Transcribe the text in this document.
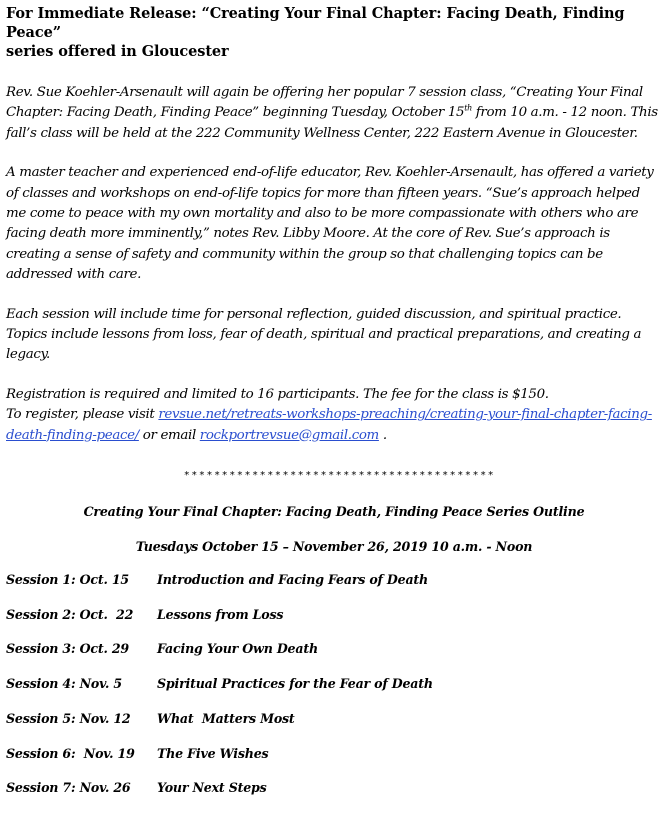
For Immediate Release: “Creating Your Final Chapter: Facing Death, Finding Peace”
series offered in Gloucester

Rev. Sue Koehler-Arsenault will again be offering her popular 7 session class, “Creating Your Final Chapter: Facing Death, Finding Peace” beginning Tuesday, October 15th from 10 a.m. - 12 noon. This fall’s class will be held at the 222 Community Wellness Center, 222 Eastern Avenue in Gloucester.

A master teacher and experienced end-of-life educator, Rev. Koehler-Arsenault, has offered a variety of classes and workshops on end-of-life topics for more than fifteen years. “Sue’s approach helped me come to peace with my own mortality and also to be more compassionate with others who are facing death more imminently,” notes Rev. Libby Moore. At the core of Rev. Sue’s approach is creating a sense of safety and community within the group so that challenging topics can be addressed with care.

Each session will include time for personal reflection, guided discussion, and spiritual practice. Topics include lessons from loss, fear of death, spiritual and practical preparations, and creating a legacy.

Registration is required and limited to 16 participants. The fee for the class is $150.
To register, please visit revsue.net/retreats-workshops-preaching/creating-your-final-chapter-facing-death-finding-peace/ or email rockportrevsue@gmail.com .

*****************************************
Creating Your Final Chapter: Facing Death, Finding Peace Series Outline
Tuesdays October 15 – November 26, 2019 10 a.m. - Noon
Session 1: Oct. 15	Introduction and Facing Fears of Death
Session 2: Oct.  22	Lessons from Loss
Session 3: Oct. 29	Facing Your Own Death
Session 4: Nov. 5	Spiritual Practices for the Fear of Death
Session 5: Nov. 12	What  Matters Most
Session 6:  Nov. 19	The Five Wishes
Session 7: Nov. 26	Your Next Steps
